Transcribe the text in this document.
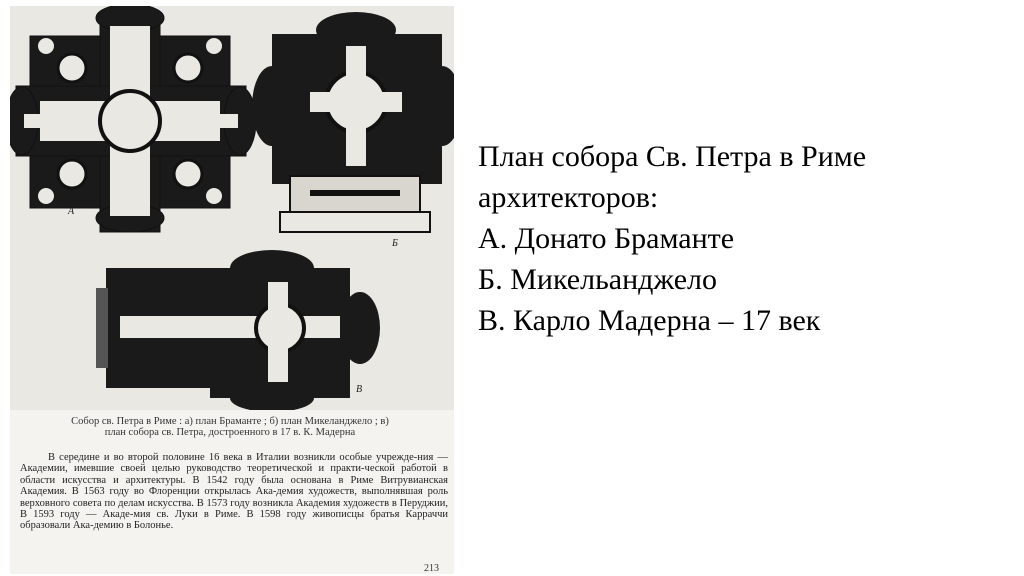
А
Б
В
Собор св. Петра в Риме : а) план Браманте ; б) план Микеланджело ; в)
план собора св. Петра, достроенного в 17 в. К. Мадерна
В середине и во второй половине 16 века в Италии возникли особые учрежде-ния — Академии, имевшие своей целью руководство теоретической и практи-ческой работой в области искусства и архитектуры. В 1542 году была основана в Риме Витрувианская Академия. В 1563 году во Флоренции открылась Ака-демия художеств, выполнявшая роль верховного совета по делам искусства. В 1573 году возникла Академия художеств в Перуджии, В 1593 году — Акаде-мия св. Луки в Риме. В 1598 году живописцы братья Карраччи образовали Ака-демию в Болонье.
213
План собора Св. Петра в Риме
архитекторов:
А. Донато Браманте
Б. Микельанджело
В. Карло Мадерна – 17 век
